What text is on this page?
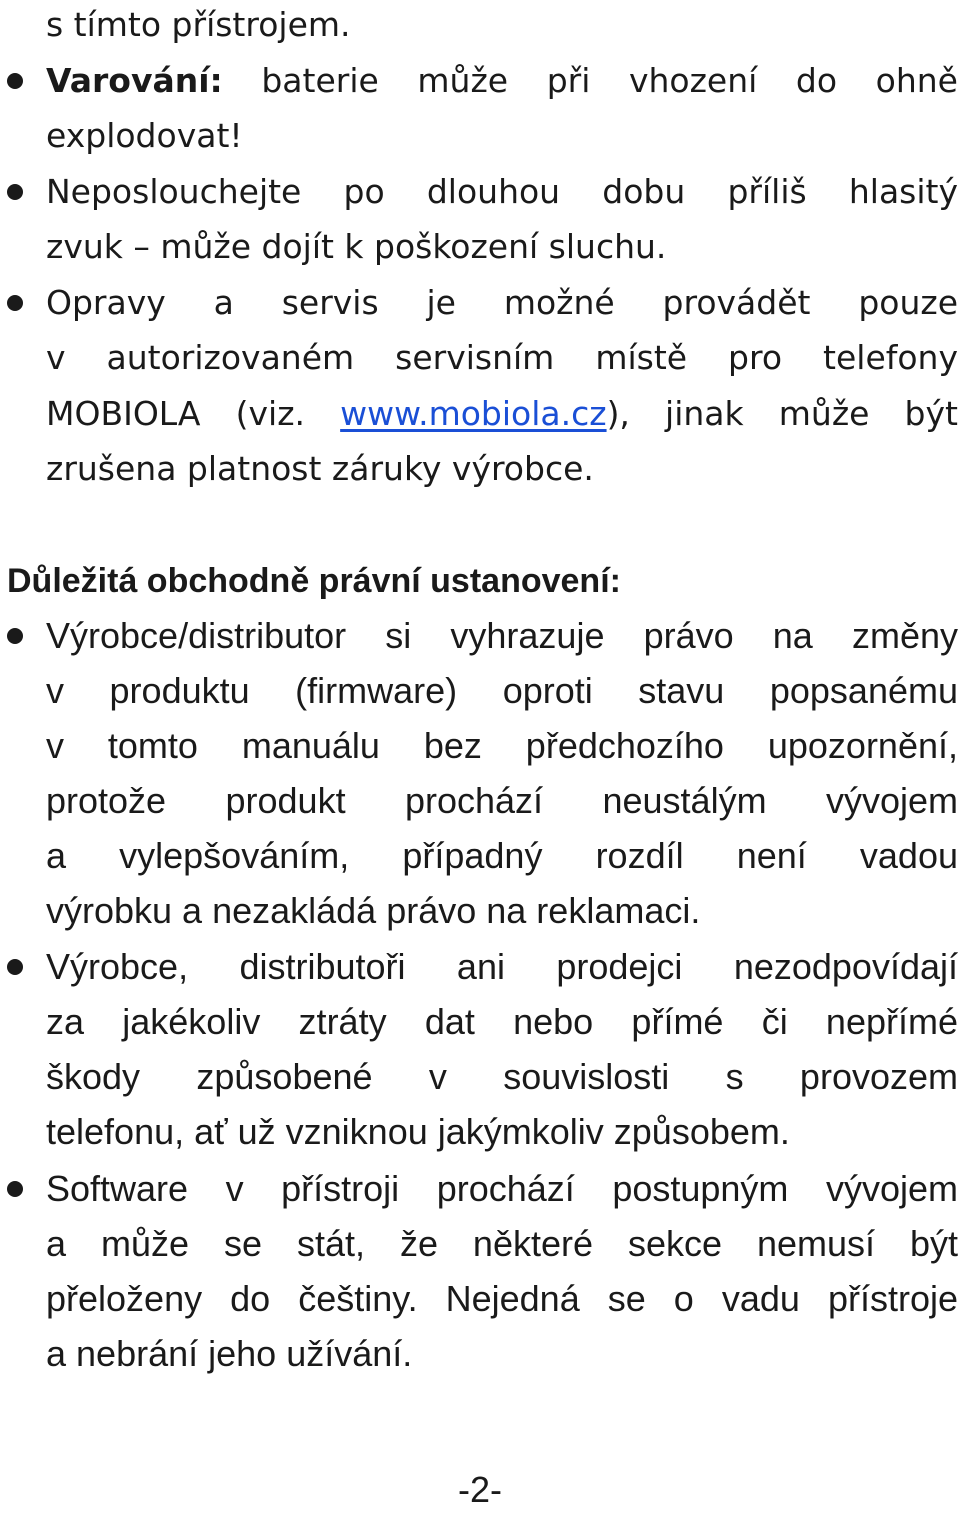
s tímto přístrojem.
Varování: baterie může při vhození do ohně
explodovat!
Neposlouchejte po dlouhou dobu příliš hlasitý
zvuk – může dojít k poškození sluchu.
Opravy a servis je možné provádět pouze
v autorizovaném servisním místě pro telefony
MOBIOLA (viz. www.mobiola.cz), jinak může být
zrušena platnost záruky výrobce.
Důležitá obchodně právní ustanovení:
Výrobce/distributor si vyhrazuje právo na změny
v produktu (firmware) oproti stavu popsanému
v tomto manuálu bez předchozího upozornění,
protože produkt prochází neustálým vývojem
a vylepšováním, případný rozdíl není vadou
výrobku a nezakládá právo na reklamaci.
Výrobce, distributoři ani prodejci nezodpovídají
za jakékoliv ztráty dat nebo přímé či nepřímé
škody způsobené v souvislosti s provozem
telefonu, ať už vzniknou jakýmkoliv způsobem.
Software v přístroji prochází postupným vývojem
a může se stát, že některé sekce nemusí být
přeloženy do češtiny. Nejedná se o vadu přístroje
a nebrání jeho užívání.
-2-
